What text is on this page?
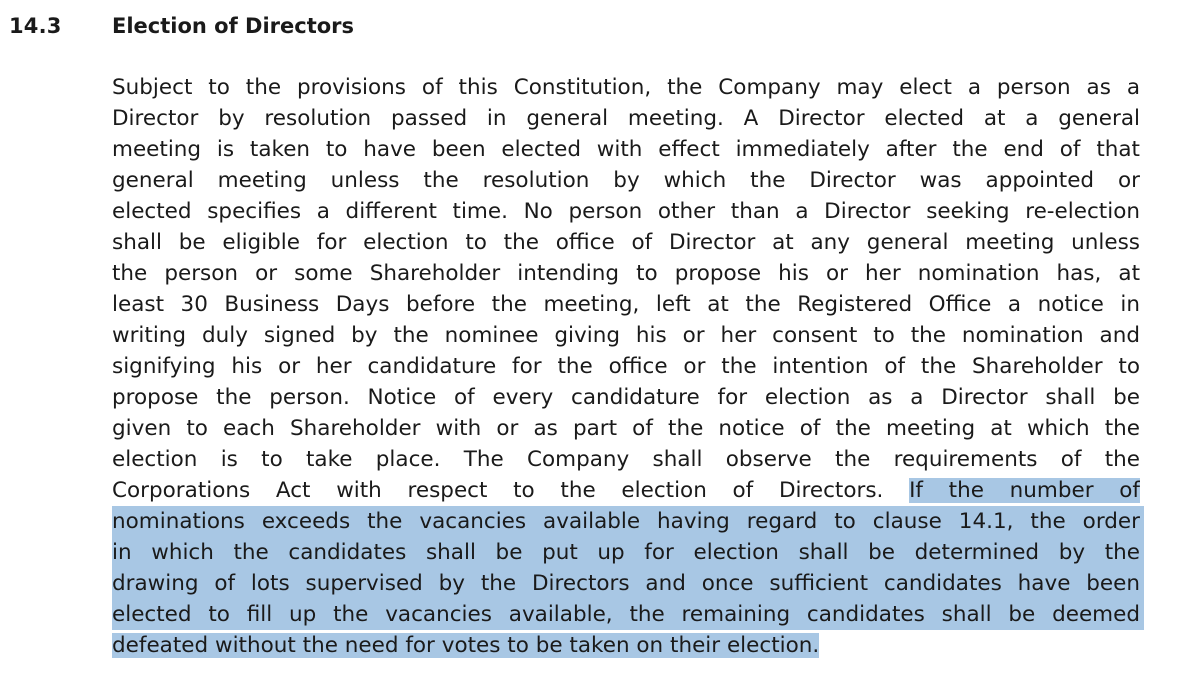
14.3 Election of Directors
Subject to the provisions of this Constitution, the Company may elect a person as a
Director by resolution passed in general meeting. A Director elected at a general
meeting is taken to have been elected with effect immediately after the end of that
general meeting unless the resolution by which the Director was appointed or
elected specifies a different time. No person other than a Director seeking re-election
shall be eligible for election to the office of Director at any general meeting unless
the person or some Shareholder intending to propose his or her nomination has, at
least 30 Business Days before the meeting, left at the Registered Office a notice in
writing duly signed by the nominee giving his or her consent to the nomination and
signifying his or her candidature for the office or the intention of the Shareholder to
propose the person. Notice of every candidature for election as a Director shall be
given to each Shareholder with or as part of the notice of the meeting at which the
election is to take place. The Company shall observe the requirements of the
Corporations Act with respect to the election of Directors. If the number of
nominations exceeds the vacancies available having regard to clause 14.1, the order
in which the candidates shall be put up for election shall be determined by the
drawing of lots supervised by the Directors and once sufficient candidates have been
elected to fill up the vacancies available, the remaining candidates shall be deemed
defeated without the need for votes to be taken on their election.
